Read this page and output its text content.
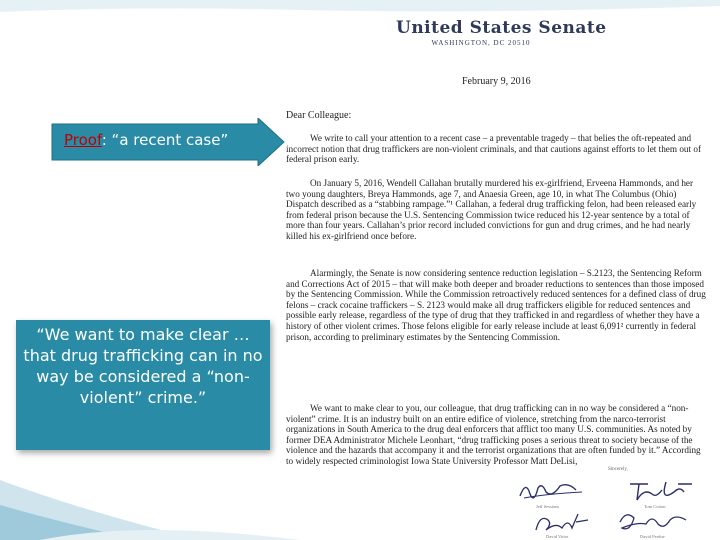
Proof: “a recent case”
“We want to make clear … that drug trafficking can in no way be considered a “non-violent” crime.”
United States Senate
WASHINGTON, DC 20510
February 9, 2016
Dear Colleague:

We write to call your attention to a recent case – a preventable tragedy – that belies the oft-repeated and incorrect notion that drug traffickers are non-violent criminals, and that cautions against efforts to let them out of federal prison early.

On January 5, 2016, Wendell Callahan brutally murdered his ex-girlfriend, Erveena Hammonds, and her two young daughters, Breya Hammonds, age 7, and Anaesia Green, age 10, in what The Columbus (Ohio) Dispatch described as a “stabbing rampage.”¹ Callahan, a federal drug trafficking felon, had been released early from federal prison because the U.S. Sentencing Commission twice reduced his 12-year sentence by a total of more than four years. Callahan’s prior record included convictions for gun and drug crimes, and he had nearly killed his ex-girlfriend once before.

Alarmingly, the Senate is now considering sentence reduction legislation – S.2123, the Sentencing Reform and Corrections Act of 2015 – that will make both deeper and broader reductions to sentences than those imposed by the Sentencing Commission. While the Commission retroactively reduced sentences for a defined class of drug felons – crack cocaine traffickers – S. 2123 would make all drug traffickers eligible for reduced sentences and possible early release, regardless of the type of drug that they trafficked in and regardless of whether they have a history of other violent crimes. Those felons eligible for early release include at least 6,091² currently in federal prison, according to preliminary estimates by the Sentencing Commission.

We want to make clear to you, our colleague, that drug trafficking can in no way be considered a “non-violent” crime. It is an industry built on an entire edifice of violence, stretching from the narco-terrorist organizations in South America to the drug deal enforcers that afflict too many U.S. communities. As noted by former DEA Administrator Michele Leonhart, “drug trafficking poses a serious threat to society because of the violence and the hazards that accompany it and the terrorist organizations that are often funded by it.” According to widely respected criminologist Iowa State University Professor Matt DeLisi,

Sincerely,
Jeff Sessions	Tom Cotton
David Vitter	David Perdue
